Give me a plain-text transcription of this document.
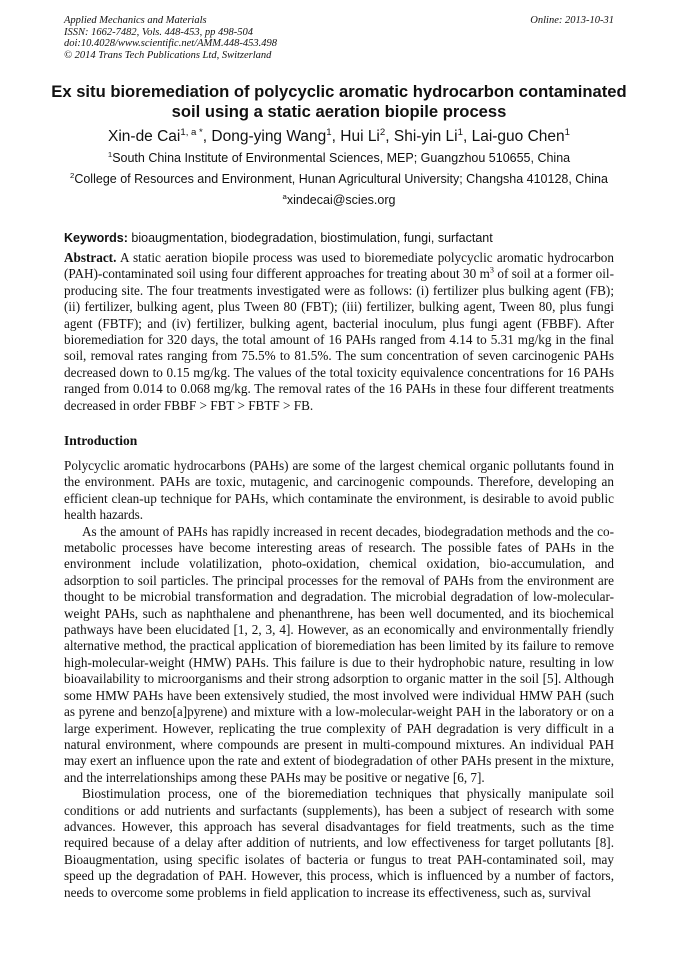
Applied Mechanics and Materials
ISSN: 1662-7482, Vols. 448-453, pp 498-504
doi:10.4028/www.scientific.net/AMM.448-453.498
© 2014 Trans Tech Publications Ltd, Switzerland
Online: 2013-10-31
Ex situ bioremediation of polycyclic aromatic hydrocarbon contaminated soil using a static aeration biopile process
Xin-de Cai$^{1, a *}$, Dong-ying Wang$^1$, Hui Li$^2$, Shi-yin Li$^1$, Lai-guo Chen$^1$
$^1$South China Institute of Environmental Sciences, MEP; Guangzhou 510655, China
$^2$College of Resources and Environment, Hunan Agricultural University; Changsha 410128, China
$^a$xindecai@scies.org
Keywords: bioaugmentation, biodegradation, biostimulation, fungi, surfactant

Abstract. A static aeration biopile process was used to bioremediate polycyclic aromatic hydrocarbon (PAH)-contaminated soil using four different approaches for treating about 30 $m^3$ of soil at a former oil-producing site. The four treatments investigated were as follows: (i) fertilizer plus bulking agent (FB); (ii) fertilizer, bulking agent, plus Tween 80 (FBT); (iii) fertilizer, bulking agent, Tween 80, plus fungi agent (FBTF); and (iv) fertilizer, bulking agent, bacterial inoculum, plus fungi agent (FBBF). After bioremediation for 320 days, the total amount of 16 PAHs ranged from 4.14 to 5.31 mg/kg in the final soil, removal rates ranging from 75.5% to 81.5%. The sum concentration of seven carcinogenic PAHs decreased down to 0.15 mg/kg. The values of the total toxicity equivalence concentrations for 16 PAHs ranged from 0.014 to 0.068 mg/kg. The removal rates of the 16 PAHs in these four different treatments decreased in order FBBF > FBT > FBTF > FB.

Introduction

Polycyclic aromatic hydrocarbons (PAHs) are some of the largest chemical organic pollutants found in the environment. PAHs are toxic, mutagenic, and carcinogenic compounds. Therefore, developing an efficient clean-up technique for PAHs, which contaminate the environment, is desirable to avoid public health hazards.

As the amount of PAHs has rapidly increased in recent decades, biodegradation methods and the co-metabolic processes have become interesting areas of research. The possible fates of PAHs in the environment include volatilization, photo-oxidation, chemical oxidation, bio-accumulation, and adsorption to soil particles. The principal processes for the removal of PAHs from the environment are thought to be microbial transformation and degradation. The microbial degradation of low-molecular-weight PAHs, such as naphthalene and phenanthrene, has been well documented, and its biochemical pathways have been elucidated [1, 2, 3, 4]. However, as an economically and environmentally friendly alternative method, the practical application of bioremediation has been limited by its failure to remove high-molecular-weight (HMW) PAHs. This failure is due to their hydrophobic nature, resulting in low bioavailability to microorganisms and their strong adsorption to organic matter in the soil [5]. Although some HMW PAHs have been extensively studied, the most involved were individual HMW PAH (such as pyrene and benzo[a]pyrene) and mixture with a low-molecular-weight PAH in the laboratory or on a large experiment. However, replicating the true complexity of PAH degradation is very difficult in a natural environment, where compounds are present in multi-compound mixtures. An individual PAH may exert an influence upon the rate and extent of biodegradation of other PAHs present in the mixture, and the interrelationships among these PAHs may be positive or negative [6, 7].

Biostimulation process, one of the bioremediation techniques that physically manipulate soil conditions or add nutrients and surfactants (supplements), has been a subject of research with some advances. However, this approach has several disadvantages for field treatments, such as the time required because of a delay after addition of nutrients, and low effectiveness for target pollutants [8]. Bioaugmentation, using specific isolates of bacteria or fungus to treat PAH-contaminated soil, may speed up the degradation of PAH. However, this process, which is influenced by a number of factors, needs to overcome some problems in field application to increase its effectiveness, such as, survival
